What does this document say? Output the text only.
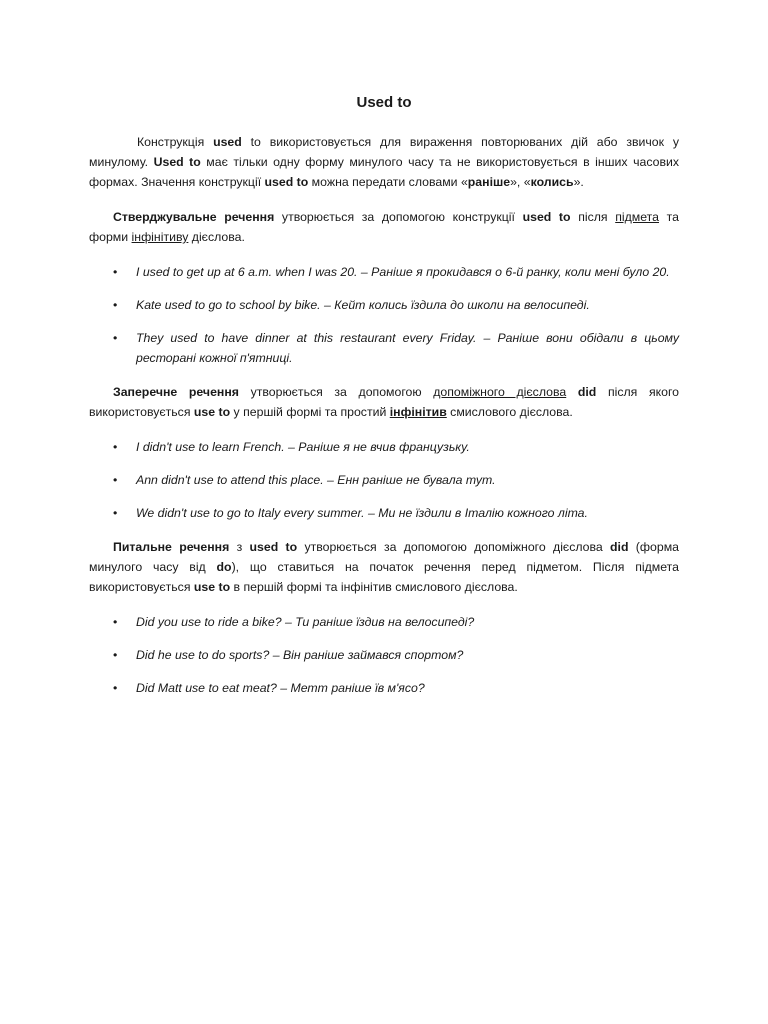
Used to

Конструкція used to використовується для вираження повторюваних дій або звичок у минулому. Used to має тільки одну форму минулого часу та не використовується в інших часових формах. Значення конструкції used to можна передати словами «раніше», «колись».

Стверджувальне речення утворюється за допомогою конструкції used to після підмета та форми інфінітиву дієслова.

• I used to get up at 6 a.m. when I was 20. – Раніше я прокидався о 6-й ранку, коли мені було 20.
• Kate used to go to school by bike. – Кейт колись їздила до школи на велосипеді.
• They used to have dinner at this restaurant every Friday. – Раніше вони обідали в цьому ресторані кожної п'ятниці.

Заперечне речення утворюється за допомогою допоміжного дієслова did після якого використовується use to у першій формі та простий інфінітив смислового дієслова.

• I didn't use to learn French. – Раніше я не вчив французьку.
• Ann didn't use to attend this place. – Енн раніше не бувала тут.
• We didn't use to go to Italy every summer. – Ми не їздили в Італію кожного літа.

Питальне речення з used to утворюється за допомогою допоміжного дієслова did (форма минулого часу від do), що ставиться на початок речення перед підметом. Після підмета використовується use to в першій формі та інфінітив смислового дієслова.

• Did you use to ride a bike? – Ти раніше їздив на велосипеді?
• Did he use to do sports? – Він раніше займався спортом?
• Did Matt use to eat meat? – Метт раніше їв м'ясо?
